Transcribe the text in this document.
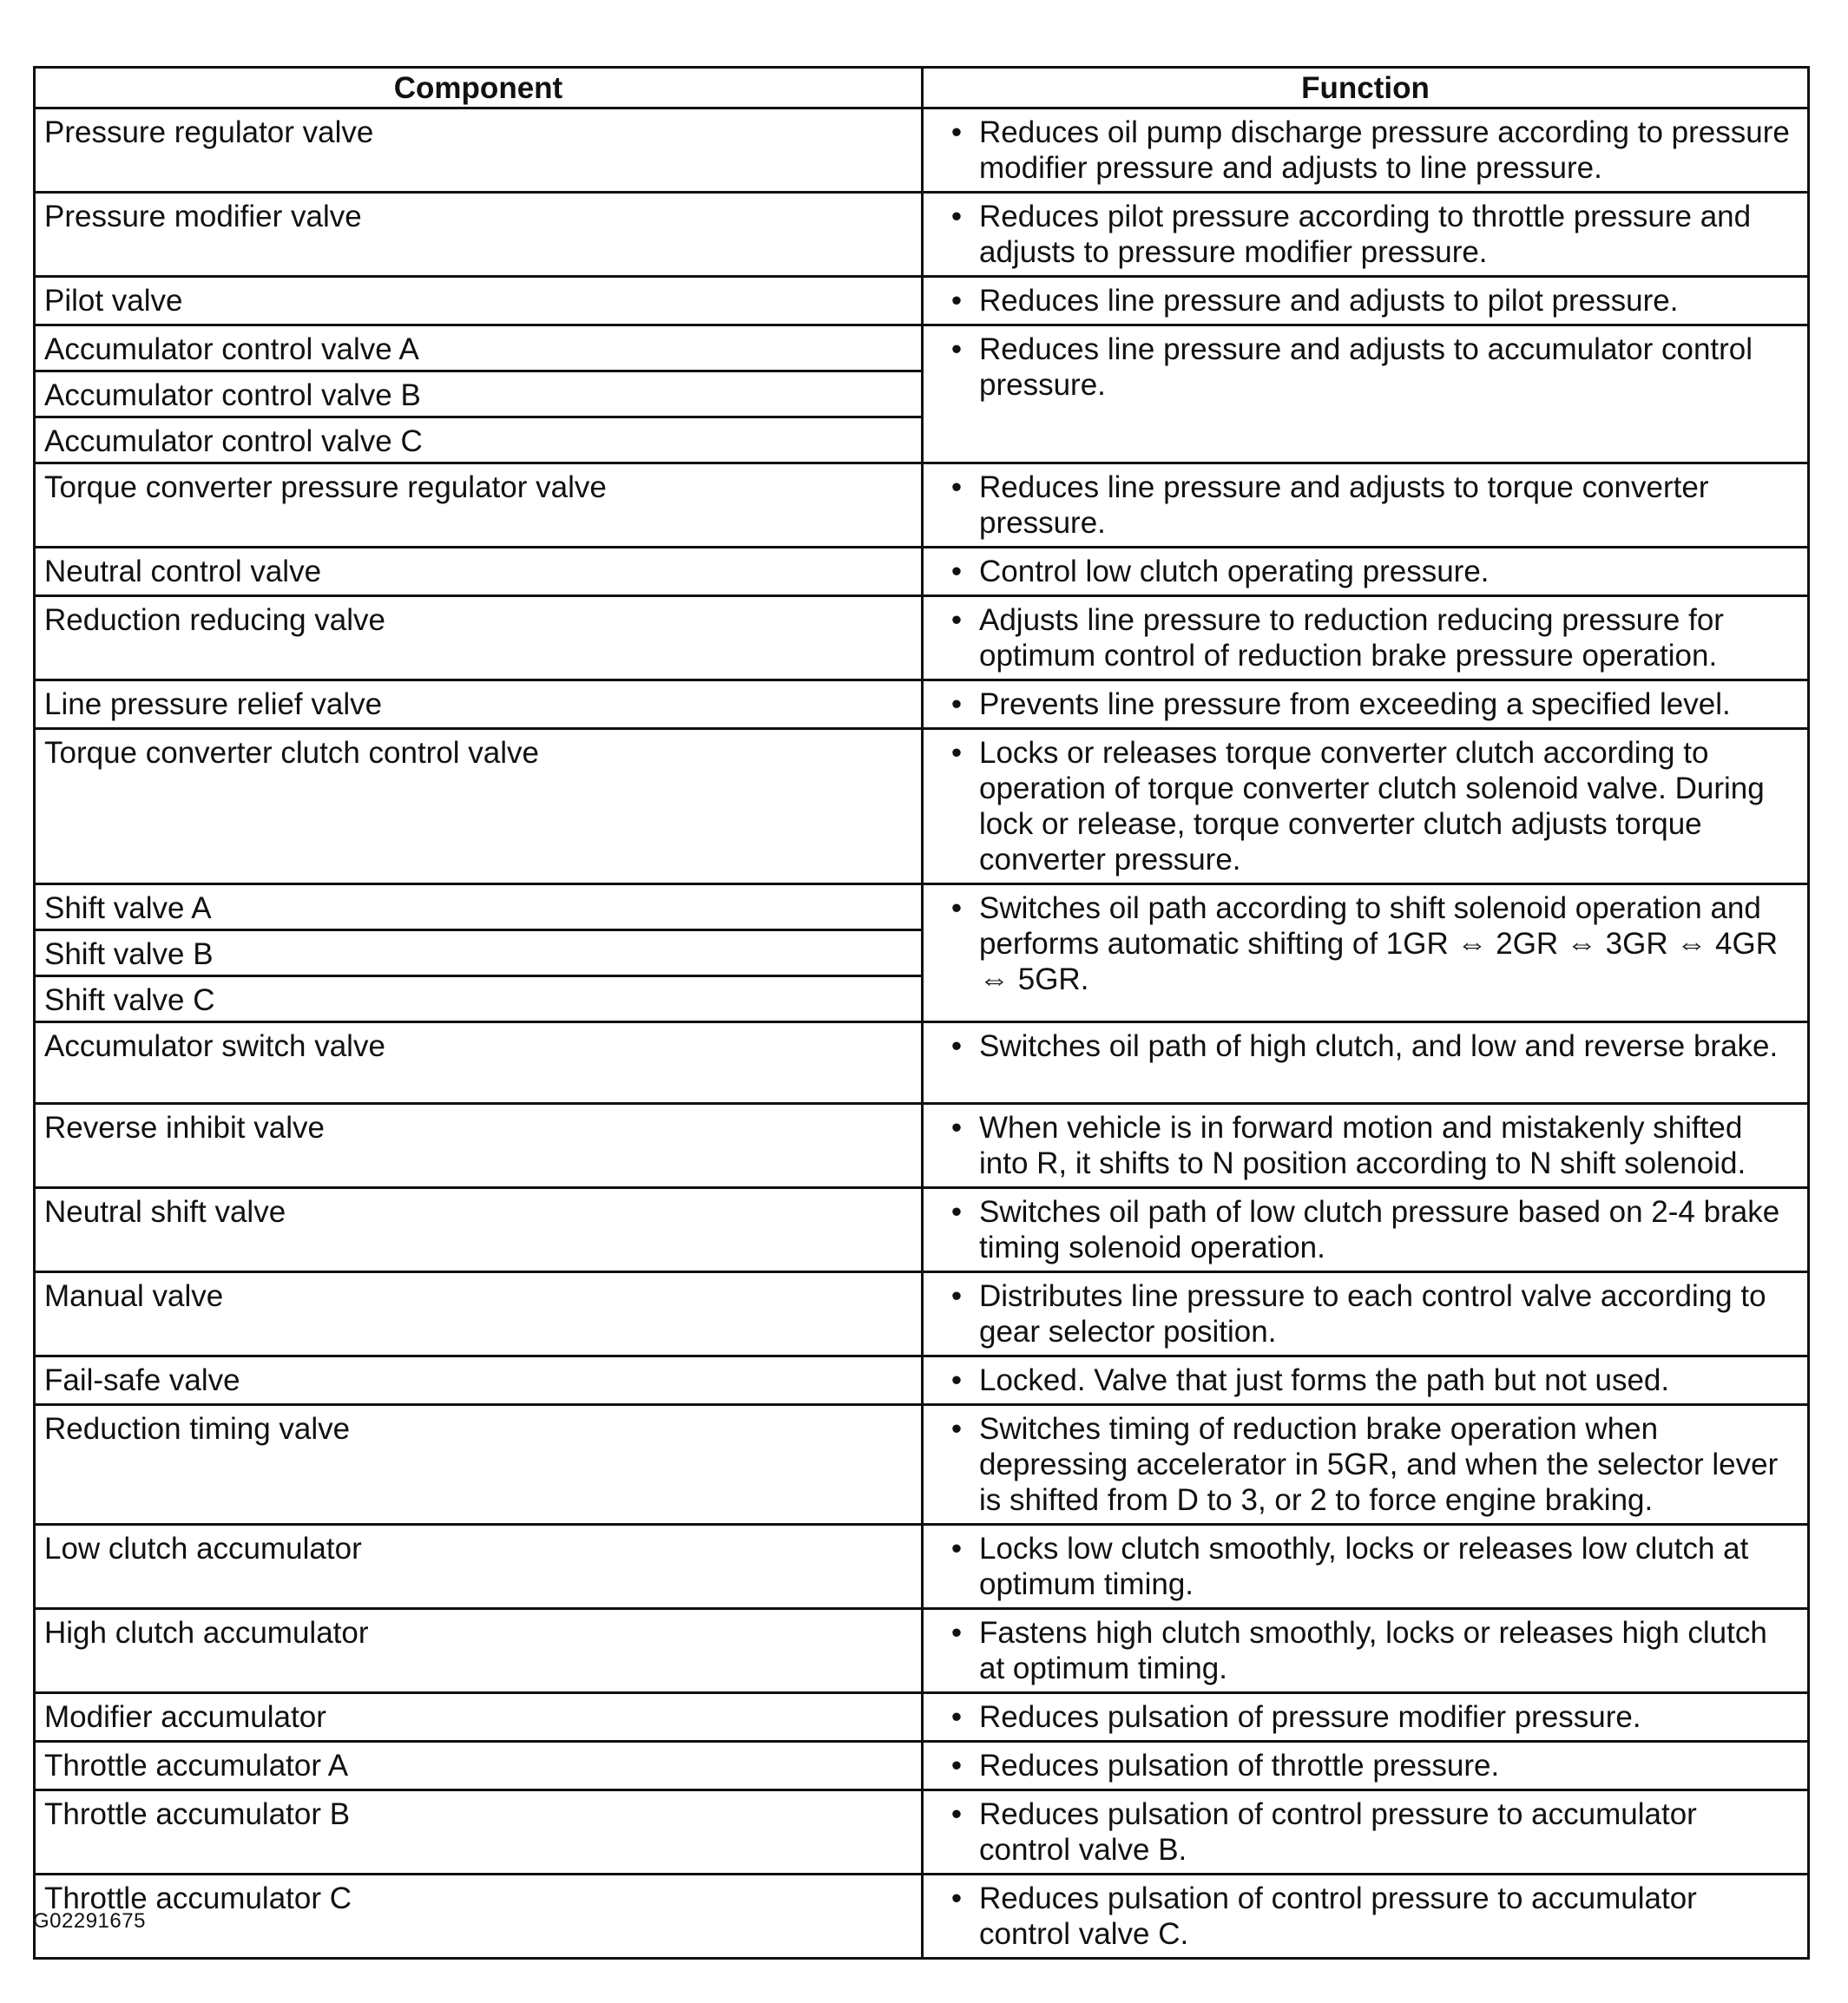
Component	Function
Pressure regulator valve	• Reduces oil pump discharge pressure according to pressure modifier pressure and adjusts to line pressure.

Pressure modifier valve	• Reduces pilot pressure according to throttle pressure and adjusts to pressure modifier pressure.

Pilot valve	• Reduces line pressure and adjusts to pilot pressure.

Accumulator control valve A	• Reduces line pressure and adjusts to accumulator control pressure.

Accumulator control valve B	
Accumulator control valve C	
Torque converter pressure regulator valve	• Reduces line pressure and adjusts to torque converter pressure.

Neutral control valve	• Control low clutch operating pressure.

Reduction reducing valve	• Adjusts line pressure to reduction reducing pressure for optimum control of reduction brake pressure operation.

Line pressure relief valve	• Prevents line pressure from exceeding a specified level.

Torque converter clutch control valve	• Locks or releases torque converter clutch according to operation of torque converter clutch solenoid valve. During lock or release, torque converter clutch adjusts torque converter pressure.

Shift valve A	• Switches oil path according to shift solenoid operation and performs automatic shifting of 1GR ⇔ 2GR ⇔ 3GR ⇔ 4GR ⇔ 5GR.

Shift valve B	
Shift valve C	
Accumulator switch valve	• Switches oil path of high clutch, and low and reverse brake.

Reverse inhibit valve	• When vehicle is in forward motion and mistakenly shifted into R, it shifts to N position according to N shift solenoid.

Neutral shift valve	• Switches oil path of low clutch pressure based on 2-4 brake timing solenoid operation.

Manual valve	• Distributes line pressure to each control valve according to gear selector position.

Fail-safe valve	• Locked. Valve that just forms the path but not used.

Reduction timing valve	• Switches timing of reduction brake operation when depressing accelerator in 5GR, and when the selector lever is shifted from D to 3, or 2 to force engine braking.

Low clutch accumulator	• Locks low clutch smoothly, locks or releases low clutch at optimum timing.

High clutch accumulator	• Fastens high clutch smoothly, locks or releases high clutch at optimum timing.

Modifier accumulator	• Reduces pulsation of pressure modifier pressure.

Throttle accumulator A	• Reduces pulsation of throttle pressure.

Throttle accumulator B	• Reduces pulsation of control pressure to accumulator control valve B.

Throttle accumulator C	• Reduces pulsation of control pressure to accumulator control valve C.
G02291675
